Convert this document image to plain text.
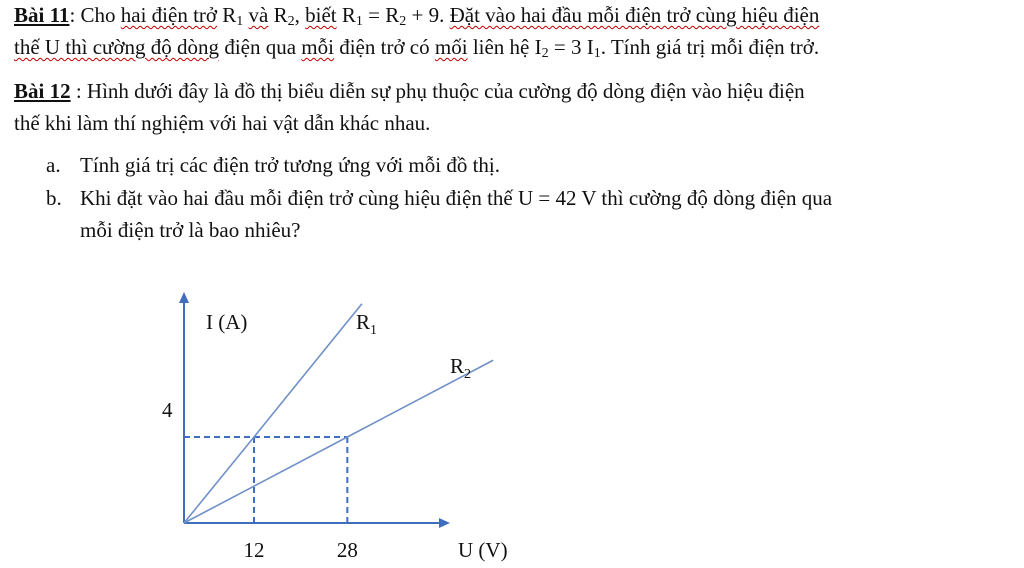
Bài 11: Cho hai điện trở $R_1$ và $R_2$, biết $R_1 = R_2 + 9$. Đặt vào hai đầu mỗi điện trở cùng hiệu điện
thế U thì cường độ dòng điện qua mỗi điện trở có mối liên hệ $I_2 = 3$ $I_1$. Tính giá trị mỗi điện trở.
Bài 12 : Hình dưới đây là đồ thị biểu diễn sự phụ thuộc của cường độ dòng điện vào hiệu điện
thế khi làm thí nghiệm với hai vật dẫn khác nhau.
a. Tính giá trị các điện trở tương ứng với mỗi đồ thị.
b. Khi đặt vào hai đầu mỗi điện trở cùng hiệu điện thế U = 42 V thì cường độ dòng điện qua
mỗi điện trở là bao nhiêu?
I (A)
U (V)
12	28
4
$R_1$
$R_2$
